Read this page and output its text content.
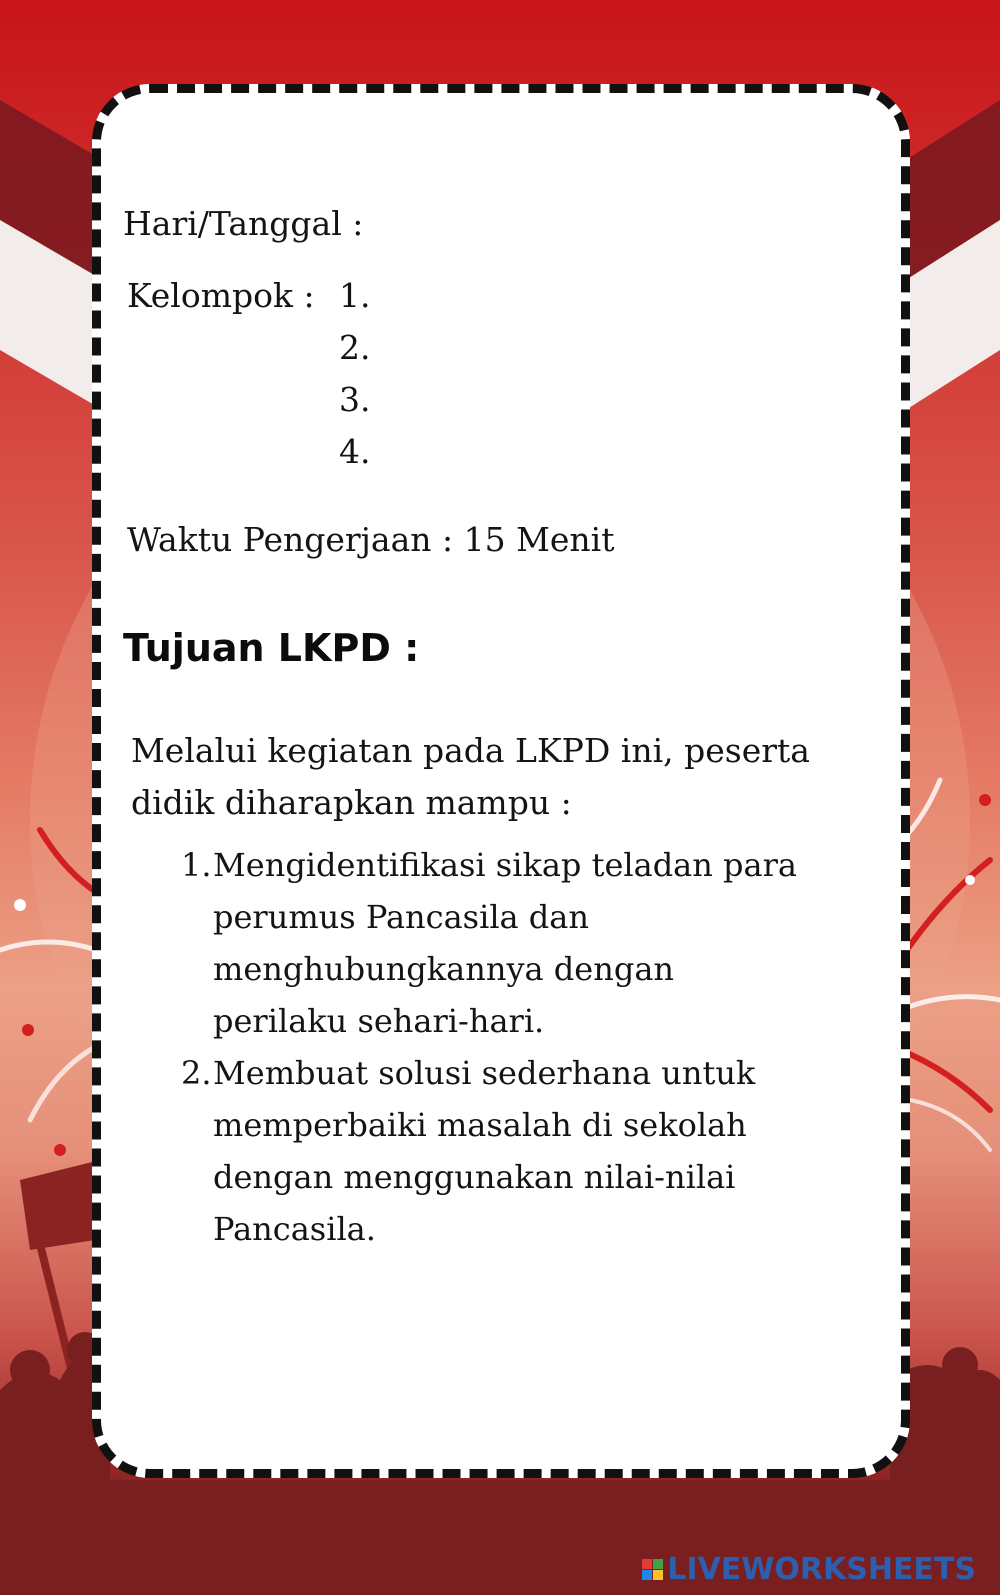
Hari/Tanggal :
Kelompok : 1.
2.
3.
4.
Waktu Pengerjaan : 15 Menit
Tujuan LKPD :
Melalui kegiatan pada LKPD ini, peserta
didik diharapkan mampu :
1. Mengidentifikasi sikap teladan para
perumus Pancasila dan
menghubungkannya dengan
perilaku sehari-hari.
2. Membuat solusi sederhana untuk
memperbaiki masalah di sekolah
dengan menggunakan nilai-nilai
Pancasila.
LIVEWORKSHEETS
